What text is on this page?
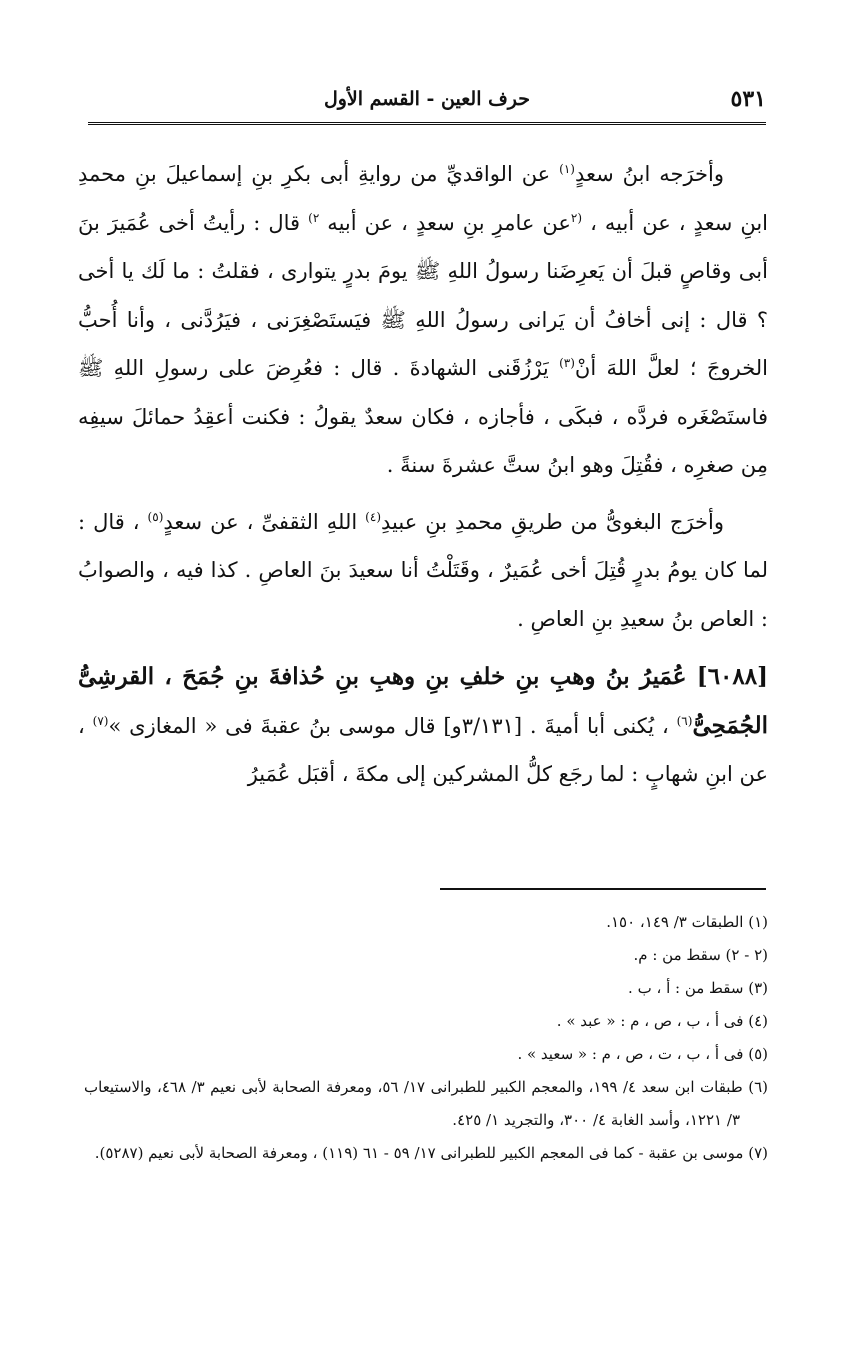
٥٣١
حرف العين - القسم الأول

وأخرَجه ابنُ سعدٍ$^{(١)}$ عن الواقديِّ من روايةِ أبى بكرِ بنِ إسماعيلَ بنِ محمدِ ابنِ سعدٍ ، عن أبيه ، $^{(٢}$عن عامرِ بنِ سعدٍ ، عن أبيه $^{٢)}$ قال : رأيتُ أخى عُمَيرَ بنَ أبى وقاصٍ قبلَ أن يَعرِضَنا رسولُ اللهِ ﷺ يومَ بدرٍ يتوارى ، فقلتُ : ما لَك يا أخى ؟ قال : إنى أخافُ أن يَرانى رسولُ اللهِ ﷺ فيَستَصْغِرَنى ، فيَرُدَّنى ، وأنا أُحبُّ الخروجَ ؛ لعلَّ اللهَ أنْ$^{(٣)}$ يَرْزُقَنى الشهادةَ . قال : فعُرِضَ على رسولِ اللهِ ﷺ فاستَصْغَره فردَّه ، فبكَى ، فأجازه ، فكان سعدٌ يقولُ : فكنت أعقِدُ حمائلَ سيفِه مِن صغرِه ، فقُتِلَ وهو ابنُ ستَّ عشرةَ سنةً .

وأخرَج البغوىُّ من طريقِ محمدِ بنِ عبيدِ$^{(٤)}$ اللهِ الثقفىِّ ، عن سعدٍ$^{(٥)}$ ، قال : لما كان يومُ بدرٍ قُتِلَ أخى عُمَيرٌ ، وقَتَلْتُ أنا سعيدَ بنَ العاصِ . كذا فيه ، والصوابُ : العاص بنُ سعيدِ بنِ العاصِ .

[٦٠٨٨] عُمَيرُ بنُ وهبِ بنِ خلفِ بنِ وهبِ بنِ حُذافةَ بنِ جُمَحَ ، القرشِىُّ الجُمَحِىُّ$^{(٦)}$ ، يُكنى أبا أميةَ . [٣/١٣١و] قال موسى بنُ عقبةَ فى « المغازى »$^{(٧)}$ ، عن ابنِ شهابٍ : لما رجَع كلُّ المشركين إلى مكةَ ، أقبَل عُمَيرُ

(١) الطبقات ٣/ ١٤٩، ١٥٠.

(٢ - ٢) سقط من : م.

(٣) سقط من : أ ، ب .

(٤) فى أ ، ب ، ص ، م : « عبد » .

(٥) فى أ ، ب ، ت ، ص ، م : « سعيد » .

(٦) طبقات ابن سعد ٤/ ١٩٩، والمعجم الكبير للطبرانى ١٧/ ٥٦، ومعرفة الصحابة لأبى نعيم ٣/ ٤٦٨، والاستيعاب ٣/ ١٢٢١، وأسد الغابة ٤/ ٣٠٠، والتجريد ١/ ٤٢٥.

(٧) موسى بن عقبة - كما فى المعجم الكبير للطبرانى ١٧/ ٥٩ - ٦١ (١١٩) ، ومعرفة الصحابة لأبى نعيم (٥٢٨٧).
